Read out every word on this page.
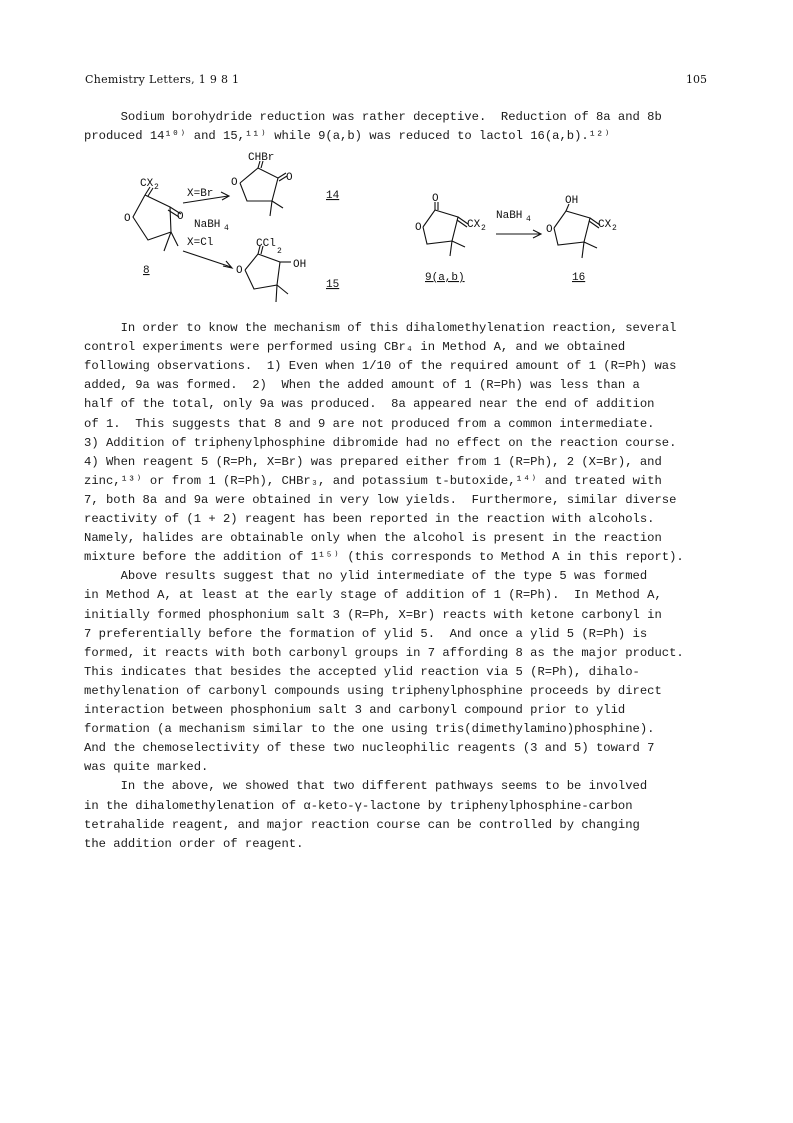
Chemistry Letters, 1 9 8 1	105
Sodium borohydride reduction was rather deceptive.  Reduction of 8a and 8b
produced 14¹⁰⁾ and 15,¹¹⁾ while 9(a,b) was reduced to lactol 16(a,b).¹²⁾
CX 2
O	O
8
X=Br
NaBH 4
X=Cl
CHBr
O	O
14
CCl
2
OH
O
15
O
O	CX 2
9(a,b)
NaBH 4
OH
O	CX 2
16
In order to know the mechanism of this dihalomethylenation reaction, several
control experiments were performed using CBr₄ in Method A, and we obtained
following observations.  1) Even when 1/10 of the required amount of 1 (R=Ph) was
added, 9a was formed.  2)  When the added amount of 1 (R=Ph) was less than a
half of the total, only 9a was produced.  8a appeared near the end of addition
of 1.  This suggests that 8 and 9 are not produced from a common intermediate.
3) Addition of triphenylphosphine dibromide had no effect on the reaction course.
4) When reagent 5 (R=Ph, X=Br) was prepared either from 1 (R=Ph), 2 (X=Br), and
zinc,¹³⁾ or from 1 (R=Ph), CHBr₃, and potassium t-butoxide,¹⁴⁾ and treated with
7, both 8a and 9a were obtained in very low yields.  Furthermore, similar diverse
reactivity of (1 + 2) reagent has been reported in the reaction with alcohols.
Namely, halides are obtainable only when the alcohol is present in the reaction
mixture before the addition of 1¹⁵⁾ (this corresponds to Method A in this report).
Above results suggest that no ylid intermediate of the type 5 was formed
in Method A, at least at the early stage of addition of 1 (R=Ph).  In Method A,
initially formed phosphonium salt 3 (R=Ph, X=Br) reacts with ketone carbonyl in
7 preferentially before the formation of ylid 5.  And once a ylid 5 (R=Ph) is
formed, it reacts with both carbonyl groups in 7 affording 8 as the major product.
This indicates that besides the accepted ylid reaction via 5 (R=Ph), dihalo-
methylenation of carbonyl compounds using triphenylphosphine proceeds by direct
interaction between phosphonium salt 3 and carbonyl compound prior to ylid
formation (a mechanism similar to the one using tris(dimethylamino)phosphine).
And the chemoselectivity of these two nucleophilic reagents (3 and 5) toward 7
was quite marked.
In the above, we showed that two different pathways seems to be involved
in the dihalomethylenation of α-keto-γ-lactone by triphenylphosphine-carbon
tetrahalide reagent, and major reaction course can be controlled by changing
the addition order of reagent.
